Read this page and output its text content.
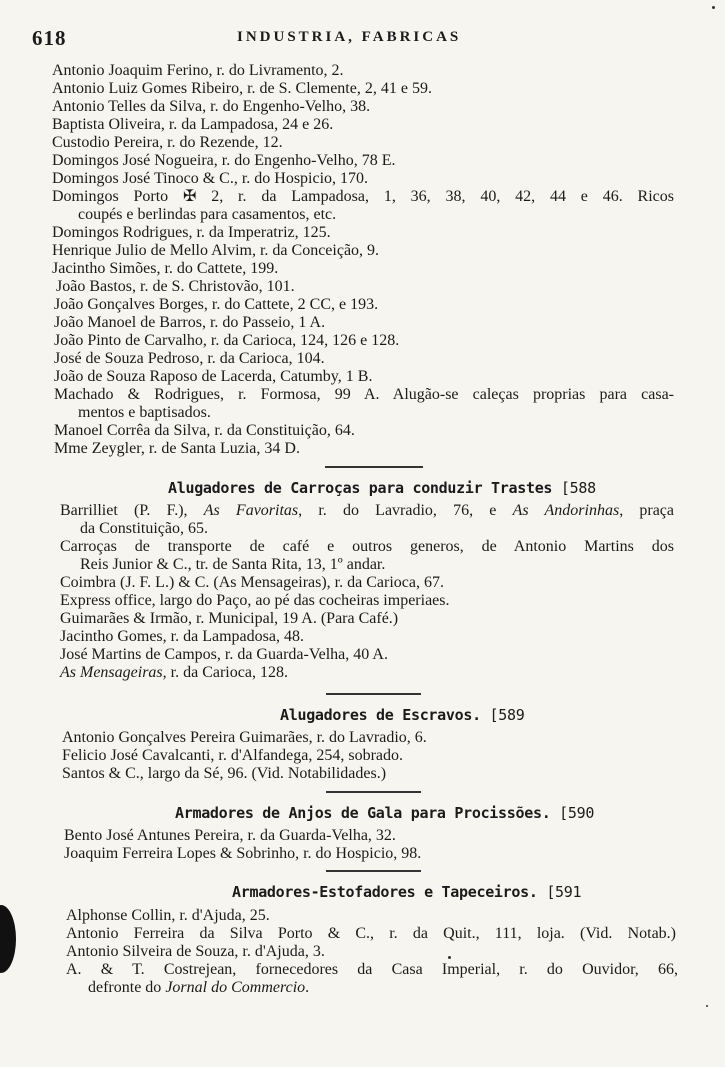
618	INDUSTRIA, FABRICAS
Antonio Joaquim Ferino, r. do Livramento, 2.
Antonio Luiz Gomes Ribeiro, r. de S. Clemente, 2, 41 e 59.
Antonio Telles da Silva, r. do Engenho-Velho, 38.
Baptista Oliveira, r. da Lampadosa, 24 e 26.
Custodio Pereira, r. do Rezende, 12.
Domingos José Nogueira, r. do Engenho-Velho, 78 E.
Domingos José Tinoco & C., r. do Hospicio, 170.
Domingos Porto ✠ 2, r. da Lampadosa, 1, 36, 38, 40, 42, 44 e 46. Ricos
coupés e berlindas para casamentos, etc.
Domingos Rodrigues, r. da Imperatriz, 125.
Henrique Julio de Mello Alvim, r. da Conceição, 9.
Jacintho Simões, r. do Cattete, 199.
João Bastos, r. de S. Christovão, 101.
João Gonçalves Borges, r. do Cattete, 2 CC, e 193.
João Manoel de Barros, r. do Passeio, 1 A.
João Pinto de Carvalho, r. da Carioca, 124, 126 e 128.
José de Souza Pedroso, r. da Carioca, 104.
João de Souza Raposo de Lacerda, Catumby, 1 B.
Machado & Rodrigues, r. Formosa, 99 A. Alugão-se caleças proprias para casa-
mentos e baptisados.
Manoel Corrêa da Silva, r. da Constituição, 64.
Mme Zeygler, r. de Santa Luzia, 34 D.
Alugadores de Carroças para conduzir Trastes [588
Barrilliet (P. F.), As Favoritas, r. do Lavradio, 76, e As Andorinhas, praça
da Constituição, 65.
Carroças de transporte de café e outros generos, de Antonio Martins dos
Reis Junior & C., tr. de Santa Rita, 13, 1º andar.
Coimbra (J. F. L.) & C. (As Mensageiras), r. da Carioca, 67.
Express office, largo do Paço, ao pé das cocheiras imperiaes.
Guimarães & Irmão, r. Municipal, 19 A. (Para Café.)
Jacintho Gomes, r. da Lampadosa, 48.
José Martins de Campos, r. da Guarda-Velha, 40 A.
As Mensageiras, r. da Carioca, 128.
Alugadores de Escravos. [589
Antonio Gonçalves Pereira Guimarães, r. do Lavradio, 6.
Felicio José Cavalcanti, r. d'Alfandega, 254, sobrado.
Santos & C., largo da Sé, 96. (Vid. Notabilidades.)
Armadores de Anjos de Gala para Procissões. [590
Bento José Antunes Pereira, r. da Guarda-Velha, 32.
Joaquim Ferreira Lopes & Sobrinho, r. do Hospicio, 98.
Armadores-Estofadores e Tapeceiros. [591
Alphonse Collin, r. d'Ajuda, 25.
Antonio Ferreira da Silva Porto & C., r. da Quit., 111, loja. (Vid. Notab.)
Antonio Silveira de Souza, r. d'Ajuda, 3.
A. & T. Costrejean, fornecedores da Casa Imperial, r. do Ouvidor, 66,
defronte do Jornal do Commercio.
